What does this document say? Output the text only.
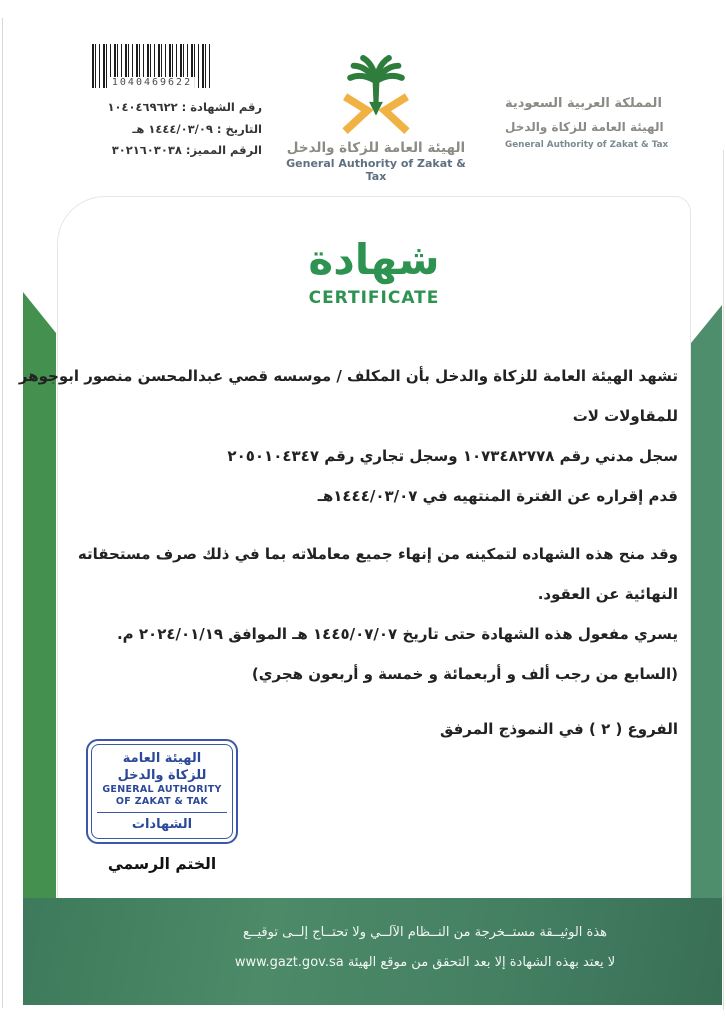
1040469622
رقم الشهادة : ١٠٤٠٤٦٩٦٢٢
التاريخ : ١٤٤٤/٠٣/٠٩ هـ
الرقم المميز: ٣٠٢١٦٠٣٠٣٨	الهيئة العامة للزكاة والدخل
General Authority of Zakat & Tax
المملكة العربية السعودية
الهيئة العامة للزكاة والدخل
General Authority of Zakat & Tax
هذة الوثيــقة مستــخرجة من النــظام الآلــي ولا تحتــاج إلــى توقيــع
لا يعتد بهذه الشهادة إلا بعد التحقق من موقع الهيئة www.gazt.gov.sa
شهادة
CERTIFICATE
تشهد الهيئة العامة للزكاة والدخل بأن المكلف / موسسه قصي عبدالمحسن منصور ابوجوهر
للمقاولات لات
سجل مدني رقم ١٠٧٣٤٨٢٧٧٨ وسجل تجاري رقم ٢٠٥٠١٠٤٣٤٧
قدم إقراره عن الفترة المنتهيه في ١٤٤٤/٠٣/٠٧هـ
وقد منح هذه الشهاده لتمكينه من إنهاء جميع معاملاته بما في ذلك صرف مستحقاته
النهائية عن العقود.
يسري مفعول هذه الشهادة حتى تاريخ ١٤٤٥/٠٧/٠٧ هـ الموافق ٢٠٢٤/٠١/١٩ م.
(السابع من رجب ألف و أربعمائة و خمسة و أربعون هجري)
الفروع ( ٢ ) في النموذج المرفق
الهيئة العامة
للزكاة والدخل
GENERAL AUTHORITY
OF ZAKAT & TAK
الشهادات
الختم الرسمي
